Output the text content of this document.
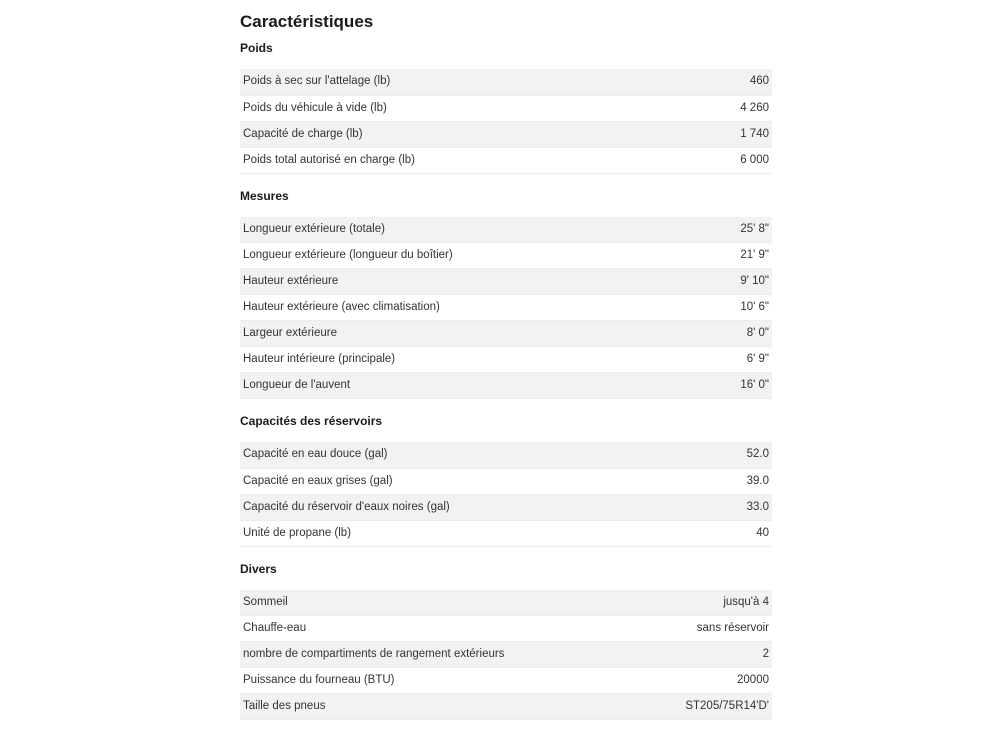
Caractéristiques
Poids
Poids à sec sur l'attelage (lb)	460
Poids du véhicule à vide (lb)	4 260
Capacité de charge (lb)	1 740
Poids total autorisé en charge (lb)	6 000
Mesures
Longueur extérieure (totale)	25' 8"
Longueur extérieure (longueur du boîtier)	21' 9"
Hauteur extérieure	9' 10"
Hauteur extérieure (avec climatisation)	10' 6"
Largeur extérieure	8' 0"
Hauteur intérieure (principale)	6' 9"
Longueur de l'auvent	16' 0"
Capacités des réservoirs
Capacité en eau douce (gal)	52.0
Capacité en eaux grises (gal)	39.0
Capacité du réservoir d'eaux noires (gal)	33.0
Unité de propane (lb)	40
Divers
Sommeil	jusqu'à 4
Chauffe-eau	sans réservoir
nombre de compartiments de rangement extérieurs	2
Puissance du fourneau (BTU)	20000
Taille des pneus	ST205/75R14'D'
